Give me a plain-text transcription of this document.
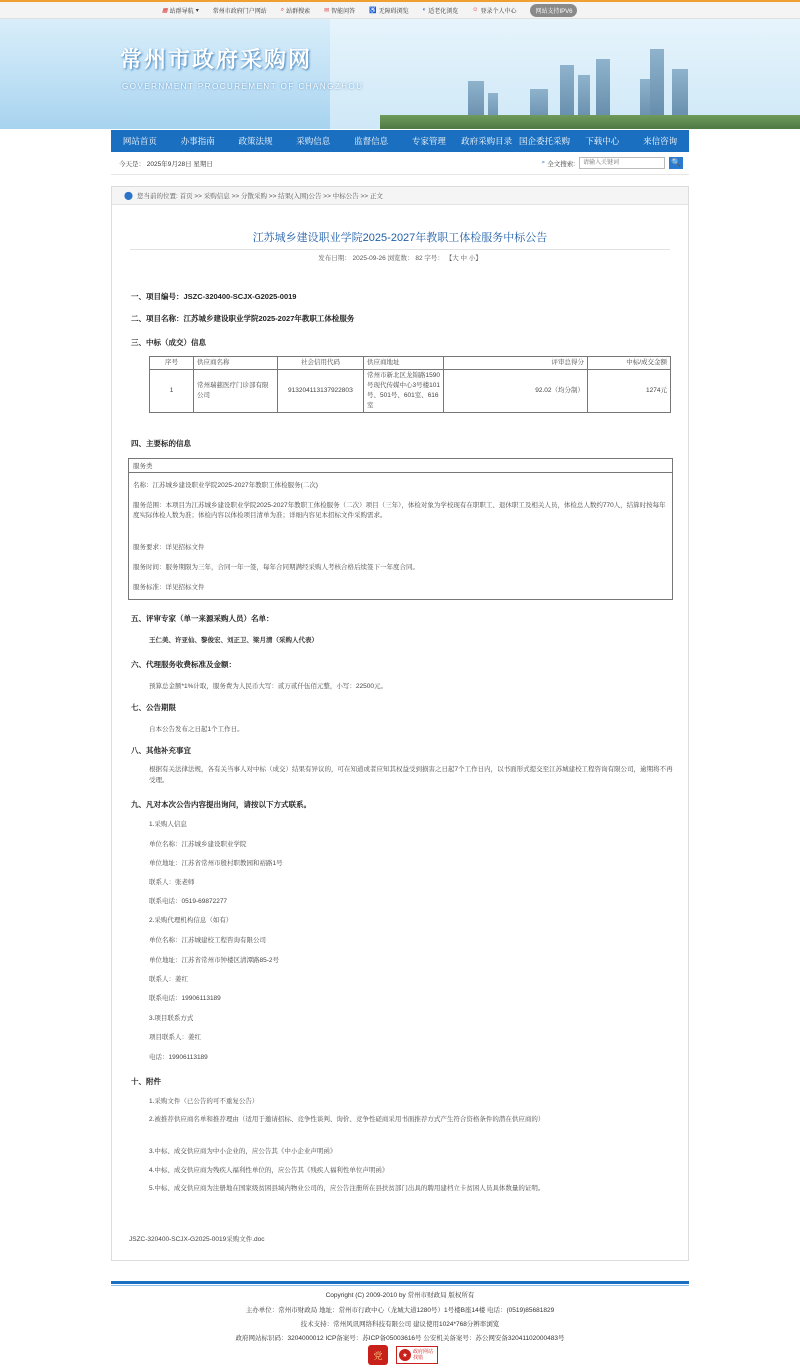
▦ 站群导航 ▾ 常州市政府门户网站 ⌕ 站群搜索 ✉ 智能问答 ♿ 无障碍浏览 ◐ 适老化浏览 ☺ 登录个人中心	网站支持IPV6
常州市政府采购网
GOVERNMENT PROCUREMENT OF CHANGZHOU
网站首页	办事指南	政策法规	采购信息	监督信息	专家管理	政府采购目录 国企委托采购	下载中心	来信咨询
今天是： 2025年9月28日 星期日	⌕ 全文搜索:
请输入关键词	🔍
⬤ 您当前的位置: 首页 >> 采购信息 >> 分散采购 >> 结果(入围)公告 >> 中标公告 >> 正文
江苏城乡建设职业学院2025-2027年教职工体检服务中标公告
发布日期： 2025-09-26 浏览数： 82 字号： 【大 中 小】
一、项目编号：JSZC-320400-SCJX-G2025-0019
二、项目名称：江苏城乡建设职业学院2025-2027年教职工体检服务
三、中标（成交）信息
序号	供应商名称	社会信用代码	供应商地址	评审总得分	中标/成交金额
1	常州瑞慈医疗门诊部有限公司	91320411313792280З	常州市新北区龙锦路1590号现代传媒中心3号楼101号、501号、601室、616室	92.02（均分制）	1274元
四、主要标的信息
服务类
名称：江苏城乡建设职业学院2025-2027年教职工体检服务(二次)
服务范围：本项目为江苏城乡建设职业学院2025-2027年教职工体检服务（二次）项目（三年），体检对象为学校现有在职职工、退休职工及相关人员，体检总人数约770人，结算时按每年度实际体检人数为准；体检内容以体检项目清单为准；详细内容见本招标文件采购需求。
服务要求：详见招标文件
服务时间：服务期限为三年，合同一年一签，每年合同期满经采购人考核合格后续签下一年度合同。
服务标准：详见招标文件
五、评审专家（单一来源采购人员）名单：
王仁美、许亚仙、黎俊宏、刘正卫、梁月清（采购人代表）
六、代理服务收费标准及金额：
预算总金额*1%计取，服务费为人民币大写：贰万贰仟伍佰元整，小写：22500元。
七、公告期限
自本公告发布之日起1个工作日。
八、其他补充事宜
根据有关法律法规，各有关当事人对中标（成交）结果有异议的，可在知道或者应知其权益受到损害之日起7个工作日内，以书面形式提交至江苏城建校工程咨询有限公司，逾期将不再受理。
九、凡对本次公告内容提出询问，请按以下方式联系。
1.采购人信息
单位名称：江苏城乡建设职业学院
单位地址：江苏省常州市殷村职教园和裕路1号
联系人：张老师
联系电话：0519-69872277
2.采购代理机构信息（如有）
单位名称：江苏城建校工程咨询有限公司
单位地址：江苏省常州市钟楼区清潭路85-2号
联系人：姜红
联系电话：19906113189
3.项目联系方式
项目联系人：姜红
电话：19906113189
十、附件
1.采购文件（已公告的可不重复公告）
2.被推荐供应商名单和推荐理由（适用于邀请招标、竞争性谈判、询价、竞争性磋商采用书面推荐方式产生符合资格条件的潜在供应商的）
3.中标、成交供应商为中小企业的，应公告其《中小企业声明函》
4.中标、成交供应商为残疾人福利性单位的，应公告其《残疾人福利性单位声明函》
5.中标、成交供应商为注册地在国家级贫困县域内物业公司的，应公告注册所在县扶贫部门出具的聘用建档立卡贫困人员具体数量的证明。
JSZC-320400-SCJX-G2025-0019采购文件.doc
Copyright (C) 2009-2010 by 常州市财政局 版权所有
主办单位：常州市财政局 地址：常州市行政中心（龙城大道1280号）1号楼B座14楼 电话：(0519)85681829
技术支持：常州风讯网络科技有限公司 建议使用1024*768分辨率浏览
政府网站标识码：3204000012 ICP备案号：苏ICP备05003616号 公安机关备案号：苏公网安备32041102000483号
党	★
政府网站
找错
